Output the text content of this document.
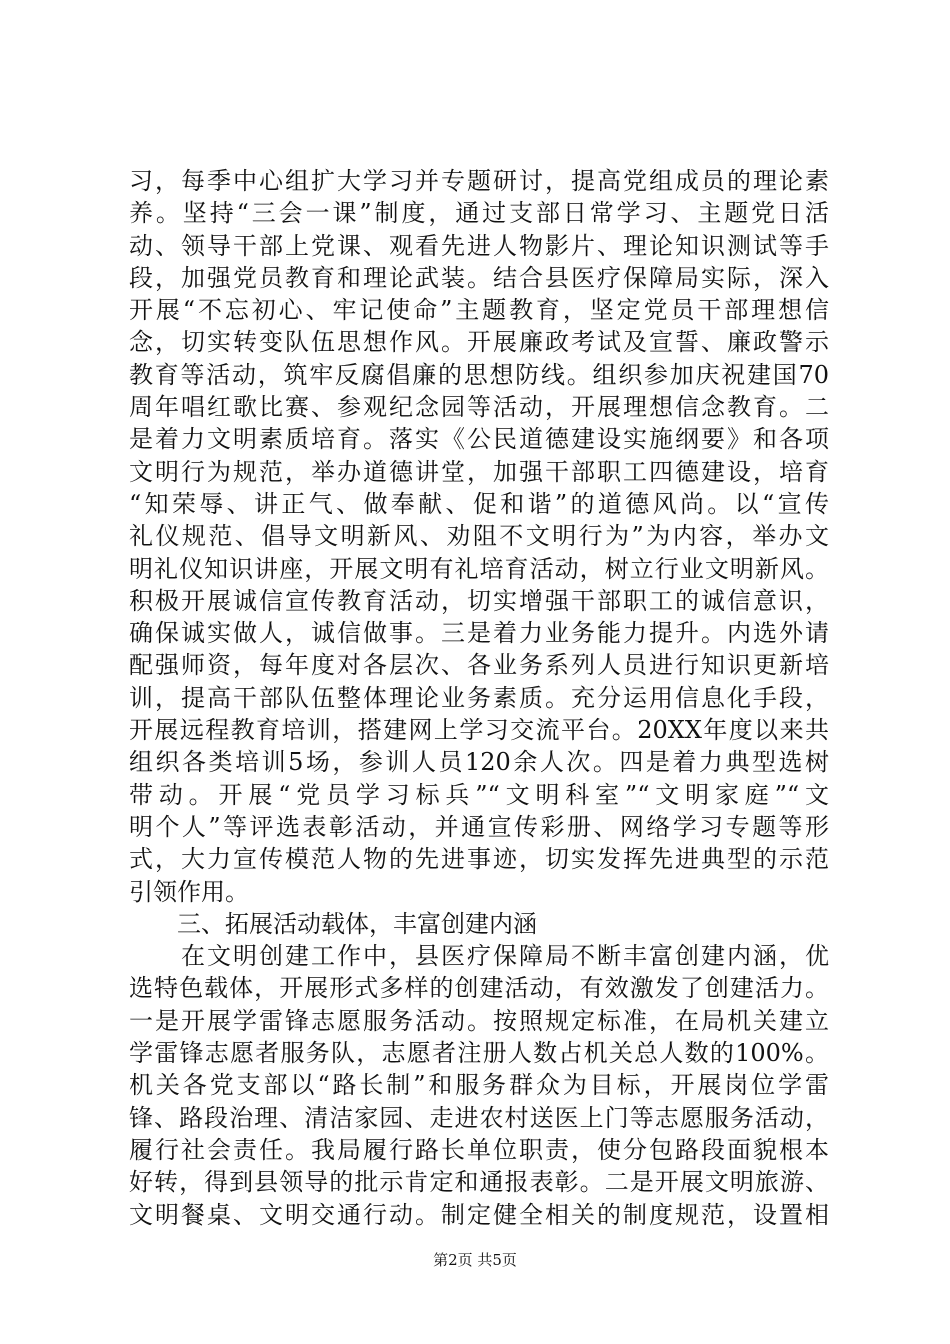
习，每季中心组扩大学习并专题研讨，提高党组成员的理论素
养。坚持“三会一课”制度，通过支部日常学习、主题党日活
动、领导干部上党课、观看先进人物影片、理论知识测试等手
段，加强党员教育和理论武装。结合县医疗保障局实际，深入
开展“不忘初心、牢记使命”主题教育，坚定党员干部理想信
念，切实转变队伍思想作风。开展廉政考试及宣誓、廉政警示
教育等活动，筑牢反腐倡廉的思想防线。组织参加庆祝建国70
周年唱红歌比赛、参观纪念园等活动，开展理想信念教育。二
是着力文明素质培育。落实《公民道德建设实施纲要》和各项
文明行为规范，举办道德讲堂，加强干部职工四德建设，培育
“知荣辱、讲正气、做奉献、促和谐”的道德风尚。以“宣传
礼仪规范、倡导文明新风、劝阻不文明行为”为内容，举办文
明礼仪知识讲座，开展文明有礼培育活动，树立行业文明新风。
积极开展诚信宣传教育活动，切实增强干部职工的诚信意识，
确保诚实做人，诚信做事。三是着力业务能力提升。内选外请
配强师资，每年度对各层次、各业务系列人员进行知识更新培
训，提高干部队伍整体理论业务素质。充分运用信息化手段，
开展远程教育培训，搭建网上学习交流平台。20XX年度以来共
组织各类培训5场，参训人员120余人次。四是着力典型选树
带动。开展“党员学习标兵”“文明科室”“文明家庭”“文
明个人”等评选表彰活动，并通宣传彩册、网络学习专题等形
式，大力宣传模范人物的先进事迹，切实发挥先进典型的示范
引领作用。
　　三、拓展活动载体，丰富创建内涵
　　在文明创建工作中，县医疗保障局不断丰富创建内涵，优
选特色载体，开展形式多样的创建活动，有效激发了创建活力。
一是开展学雷锋志愿服务活动。按照规定标准，在局机关建立
学雷锋志愿者服务队，志愿者注册人数占机关总人数的100%。
机关各党支部以“路长制”和服务群众为目标，开展岗位学雷
锋、路段治理、清洁家园、走进农村送医上门等志愿服务活动，
履行社会责任。我局履行路长单位职责，使分包路段面貌根本
好转，得到县领导的批示肯定和通报表彰。二是开展文明旅游、
文明餐桌、文明交通行动。制定健全相关的制度规范，设置相
第2页 共5页
